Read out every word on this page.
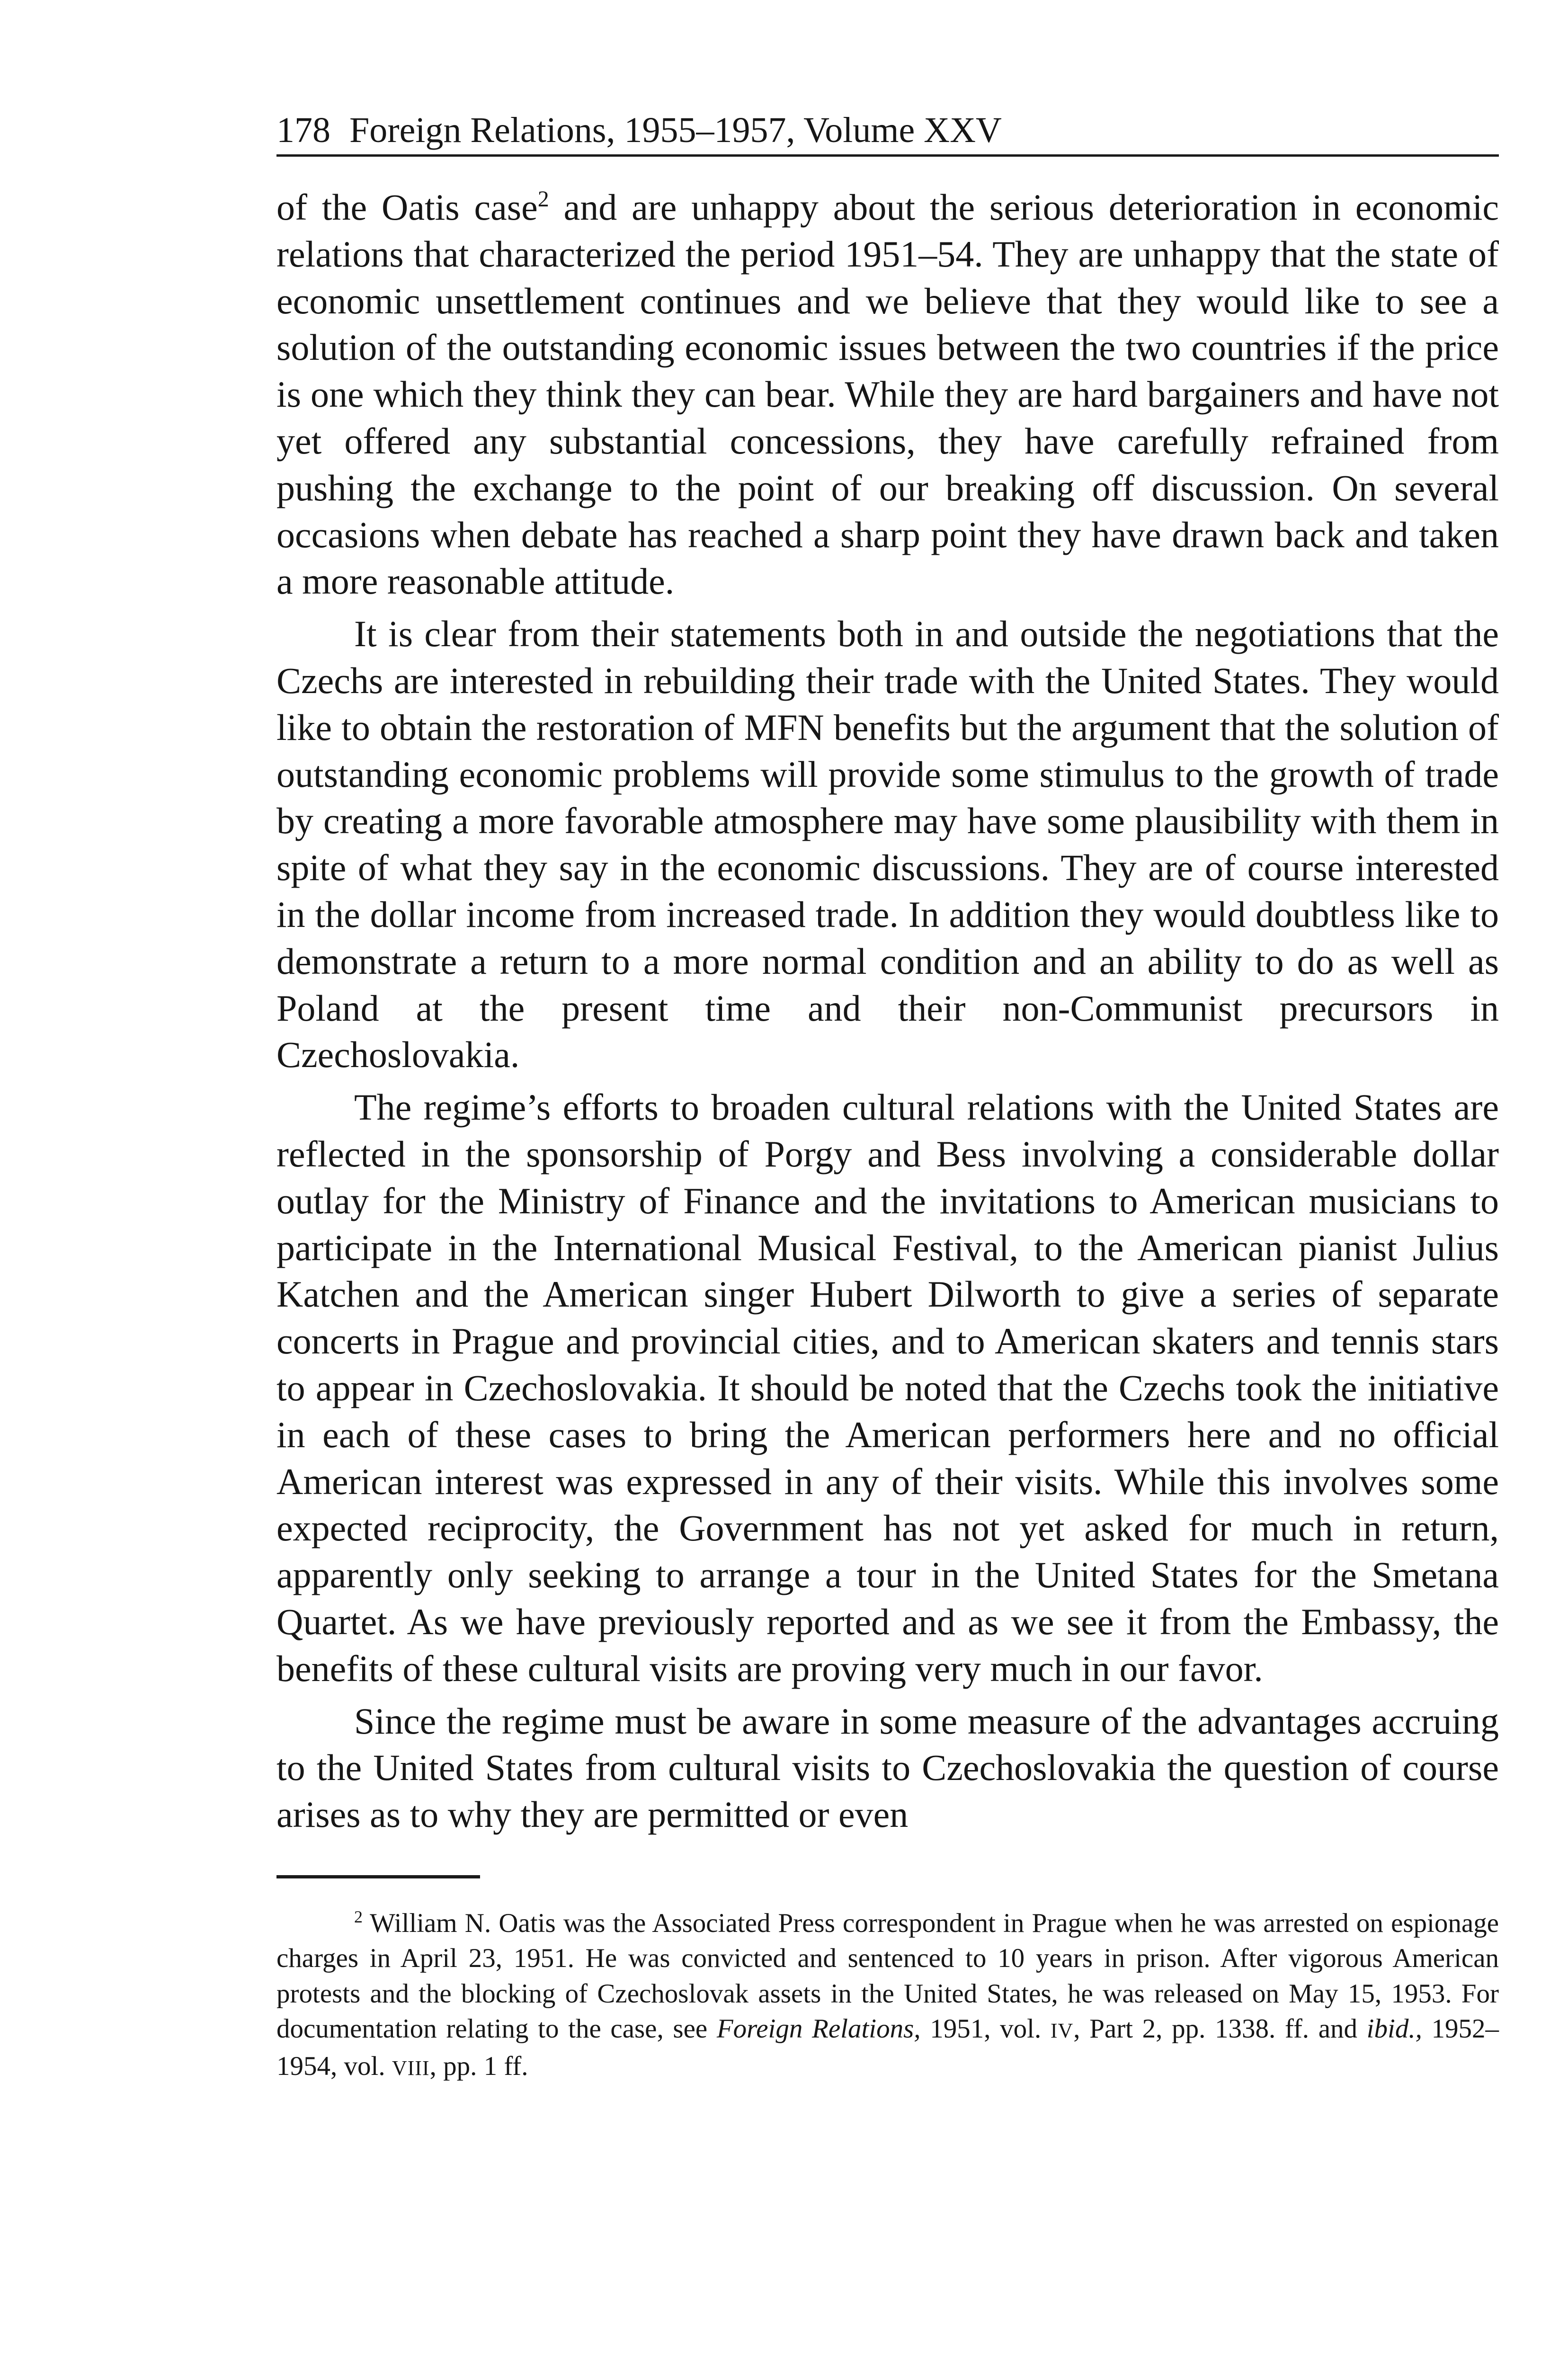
178 Foreign Relations, 1955–1957, Volume XXV

of the Oatis case$^2$ and are unhappy about the serious deterioration in economic relations that characterized the period 1951–54. They are unhappy that the state of economic unsettlement continues and we believe that they would like to see a solution of the outstanding economic issues between the two countries if the price is one which they think they can bear. While they are hard bargainers and have not yet offered any substantial concessions, they have carefully refrained from pushing the exchange to the point of our breaking off discussion. On several occasions when debate has reached a sharp point they have drawn back and taken a more reasonable attitude.

It is clear from their statements both in and outside the negotiations that the Czechs are interested in rebuilding their trade with the United States. They would like to obtain the restoration of MFN benefits but the argument that the solution of outstanding economic problems will provide some stimulus to the growth of trade by creating a more favorable atmosphere may have some plausibility with them in spite of what they say in the economic discussions. They are of course interested in the dollar income from increased trade. In addition they would doubtless like to demonstrate a return to a more normal condition and an ability to do as well as Poland at the present time and their non-Communist precursors in Czechoslovakia.

The regime’s efforts to broaden cultural relations with the United States are reflected in the sponsorship of Porgy and Bess involving a considerable dollar outlay for the Ministry of Finance and the invitations to American musicians to participate in the International Musical Festival, to the American pianist Julius Katchen and the American singer Hubert Dilworth to give a series of separate concerts in Prague and provincial cities, and to American skaters and tennis stars to appear in Czechoslovakia. It should be noted that the Czechs took the initiative in each of these cases to bring the American performers here and no official American interest was expressed in any of their visits. While this involves some expected reciprocity, the Government has not yet asked for much in return, apparently only seeking to arrange a tour in the United States for the Smetana Quartet. As we have previously reported and as we see it from the Embassy, the benefits of these cultural visits are proving very much in our favor.

Since the regime must be aware in some measure of the advantages accruing to the United States from cultural visits to Czechoslovakia the question of course arises as to why they are permitted or even

$^2$ William N. Oatis was the Associated Press correspondent in Prague when he was arrested on espionage charges in April 23, 1951. He was convicted and sentenced to 10 years in prison. After vigorous American protests and the blocking of Czechoslovak assets in the United States, he was released on May 15, 1953. For documentation relating to the case, see Foreign Relations, 1951, vol. IV, Part 2, pp. 1338. ff. and ibid., 1952–1954, vol. VIII, pp. 1 ff.
